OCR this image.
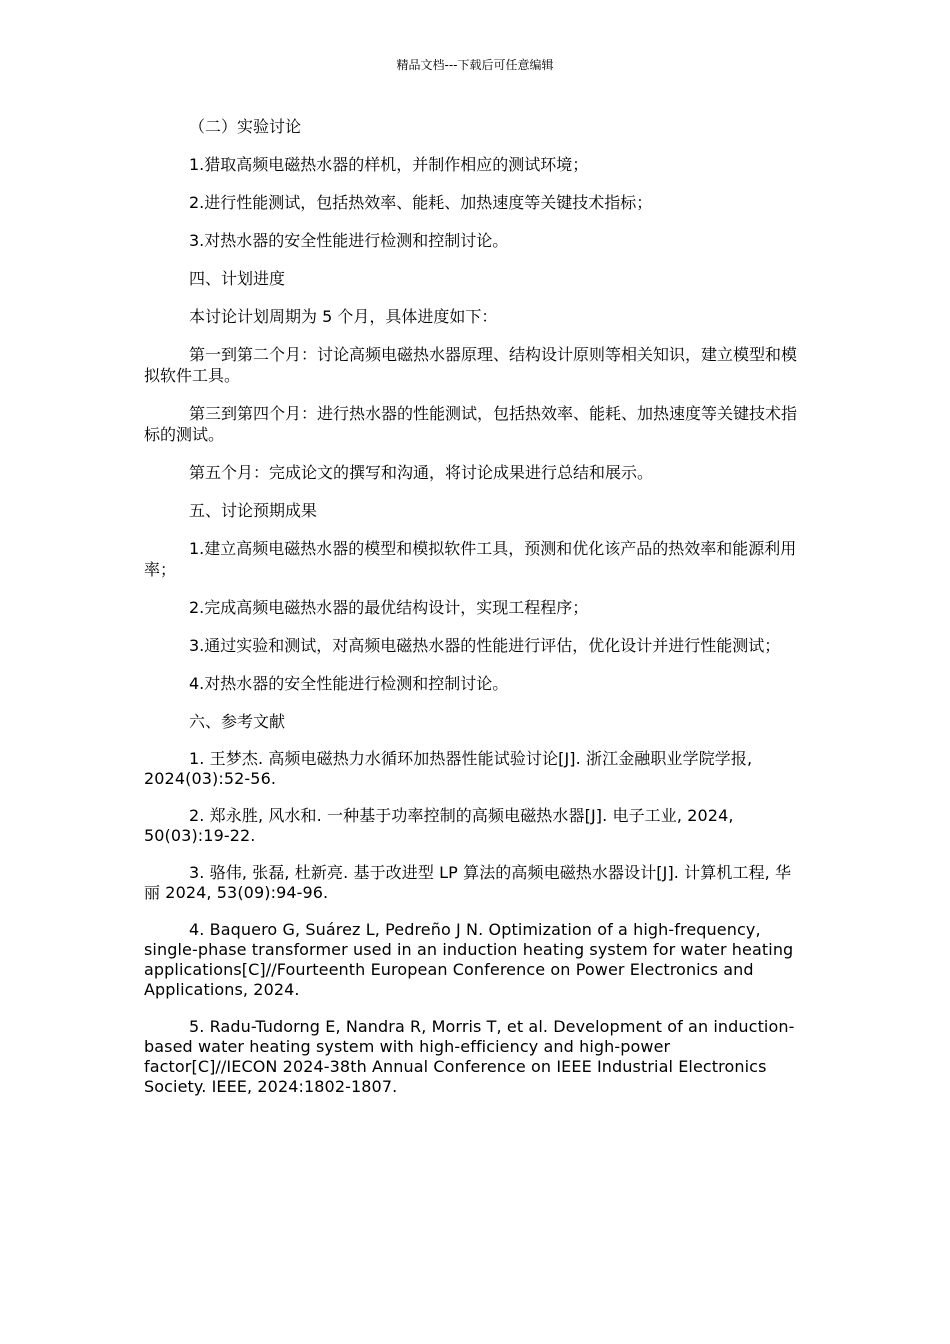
精品文档---下载后可任意编辑

（二）实验讨论

1.猎取高频电磁热水器的样机，并制作相应的测试环境；

2.进行性能测试，包括热效率、能耗、加热速度等关键技术指标；

3.对热水器的安全性能进行检测和控制讨论。

四、计划进度

本讨论计划周期为 5 个月，具体进度如下：

第一到第二个月：讨论高频电磁热水器原理、结构设计原则等相关知识，建立模型和模拟软件工具。

第三到第四个月：进行热水器的性能测试，包括热效率、能耗、加热速度等关键技术指标的测试。

第五个月：完成论文的撰写和沟通，将讨论成果进行总结和展示。

五、讨论预期成果

1.建立高频电磁热水器的模型和模拟软件工具，预测和优化该产品的热效率和能源利用率；

2.完成高频电磁热水器的最优结构设计，实现工程程序；

3.通过实验和测试，对高频电磁热水器的性能进行评估，优化设计并进行性能测试；

4.对热水器的安全性能进行检测和控制讨论。

六、参考文献

1. 王梦杰. 高频电磁热力水循环加热器性能试验讨论[J]. 浙江金融职业学院学报, 2024(03):52-56.

2. 郑永胜, 风水和. 一种基于功率控制的高频电磁热水器[J]. 电子工业, 2024, 50(03):19-22.

3. 骆伟, 张磊, 杜新亮. 基于改进型 LP 算法的高频电磁热水器设计[J]. 计算机工程, 华丽 2024, 53(09):94-96.

4. Baquero G, Suárez L, Pedreño J N. Optimization of a high-frequency, single-phase transformer used in an induction heating system for water heating applications[C]//Fourteenth European Conference on Power Electronics and Applications, 2024.

5. Radu-Tudorng E, Nandra R, Morris T, et al. Development of an induction-based water heating system with high-efficiency and high-power factor[C]//IECON 2024-38th Annual Conference on IEEE Industrial Electronics Society. IEEE, 2024:1802-1807.
